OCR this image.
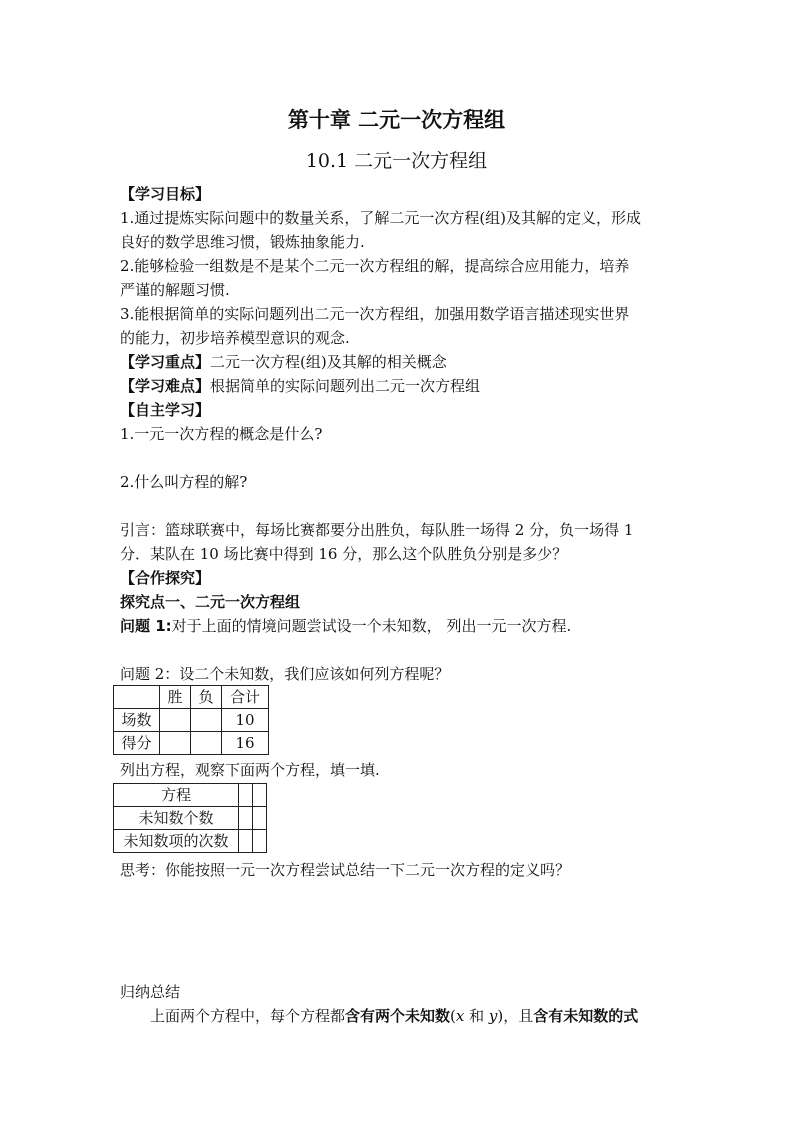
第十章 二元一次方程组
10.1 二元一次方程组
【学习目标】
1.通过提炼实际问题中的数量关系，了解二元一次方程(组)及其解的定义，形成
良好的数学思维习惯，锻炼抽象能力.
2.能够检验一组数是不是某个二元一次方程组的解，提高综合应用能力，培养
严谨的解题习惯.
3.能根据简单的实际问题列出二元一次方程组，加强用数学语言描述现实世界
的能力，初步培养模型意识的观念.
【学习重点】二元一次方程(组)及其解的相关概念
【学习难点】根据简单的实际问题列出二元一次方程组
【自主学习】
1.一元一次方程的概念是什么?
2.什么叫方程的解?
引言：篮球联赛中，每场比赛都要分出胜负，每队胜一场得 2 分，负一场得 1
分．某队在 10 场比赛中得到 16 分，那么这个队胜负分别是多少？
【合作探究】
探究点一、二元一次方程组
问题 1:对于上面的情境问题尝试设一个未知数， 列出一元一次方程.
问题 2：设二个未知数，我们应该如何列方程呢？
	胜	负	合计
场数			10
得分			16
列出方程，观察下面两个方程，填一填.
方程		
未知数个数		
未知数项的次数		
思考：你能按照一元一次方程尝试总结一下二元一次方程的定义吗？
归纳总结
上面两个方程中，每个方程都含有两个未知数(x 和 y)，且含有未知数的式
